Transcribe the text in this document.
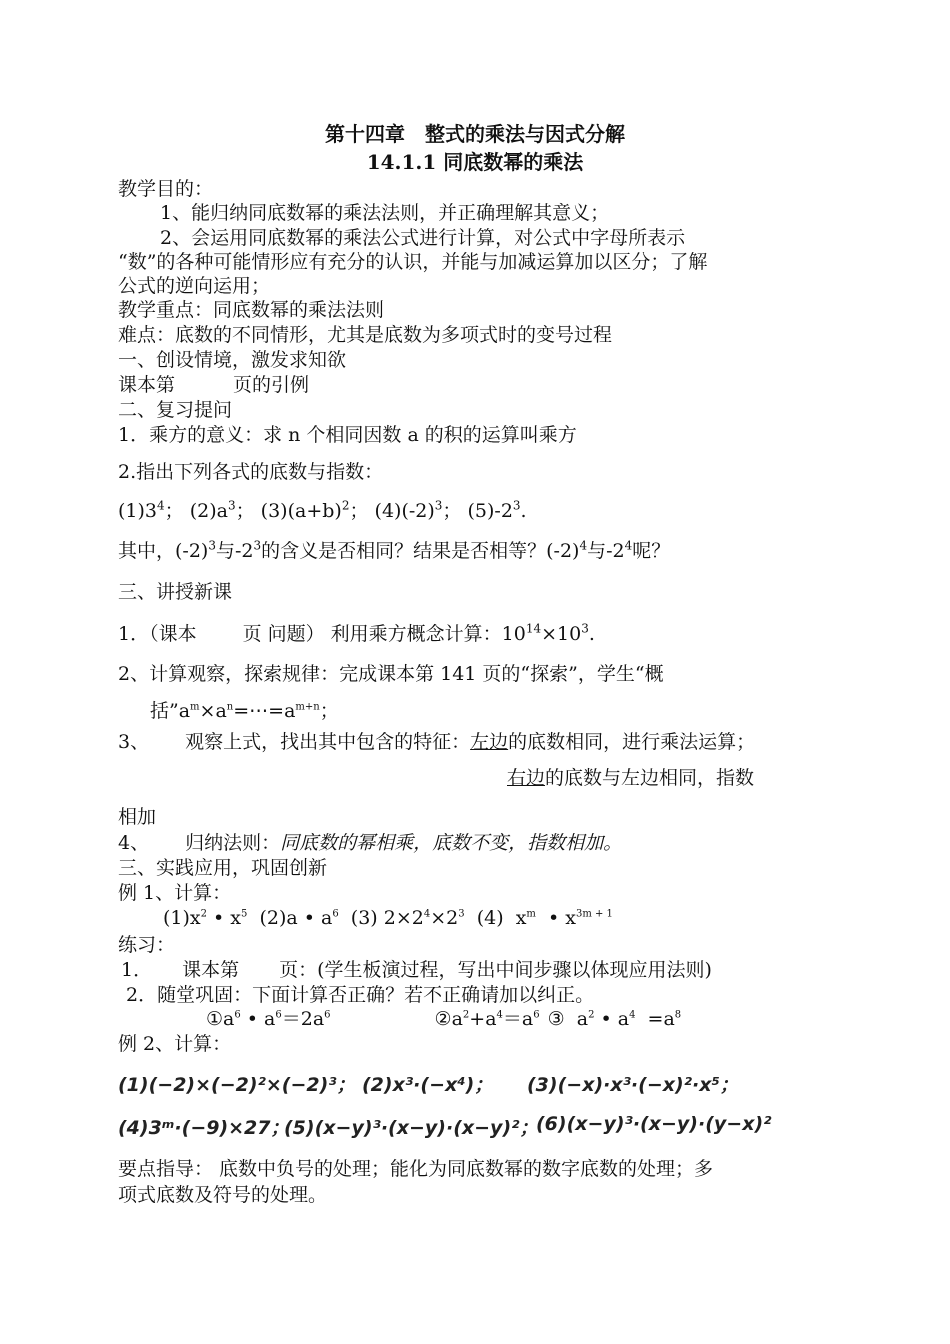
第十四章　整式的乘法与因式分解
14.1.1 同底数幂的乘法
教学目的：
1、能归纳同底数幂的乘法法则，并正确理解其意义；
2、会运用同底数幂的乘法公式进行计算，对公式中字母所表示
“数”的各种可能情形应有充分的认识，并能与加减运算加以区分；了解
公式的逆向运用；
教学重点：同底数幂的乘法法则
难点：底数的不同情形，尤其是底数为多项式时的变号过程
一、创设情境，激发求知欲
课本第	页的引例
二、复习提问
1．乘方的意义：求 n 个相同因数 a 的积的运算叫乘方
2.指出下列各式的底数与指数：
$(1)3^4$； $(2)a^3$； $(3)(a+b)^2$； $(4)(-2)^3$； $(5)-2^3$.
其中，$(-2)^3$与$-2^3$的含义是否相同？结果是否相等？$(-2)^4$与$-2^4$呢？
三、讲授新课
1．（课本 页 问题） 利用乘方概念计算：$10^{14}\times 10^3$.
2、计算观察，探索规律：完成课本第 141 页的“探索”，学生“概
括$”a^m\times a^n=\cdots=a^{m+n}$；
3、 观察上式，找出其中包含的特征：左边的底数相同，进行乘法运算；
右边的底数与左边相同，指数
相加
4、 归纳法则：同底数的幂相乘，底数不变，指数相加。
三、实践应用，巩固创新
例 1、计算：
$(1)x^2$ • $x^5$  (2)a • $a^6$  (3) $2\times 2^4\times 2^3$  (4)  $x^m$  • $x^{3m + 1}$
练习：
1． 课本第 页：(学生板演过程，写出中间步骤以体现应用法则)
2．随堂巩固：下面计算否正确？若不正确请加以纠正。
$①a^6$ • $a^6=2a^6$	$②a^2+a^4=a^6$ ③  $a^2$ • $a^4 =a^8$
例 2、计算：
(1)(−2)×(−2)²×(−2)³； (2)x³·(−x⁴)； (3)(−x)·x³·(−x)²·x⁵；
(4)3ᵐ·(−9)×27；
(5)(x−y)³·(x−y)·(x−y)²；
(6)(x−y)³·(x−y)·(y−x)²
要点指导： 底数中负号的处理；能化为同底数幂的数字底数的处理；多
项式底数及符号的处理。
